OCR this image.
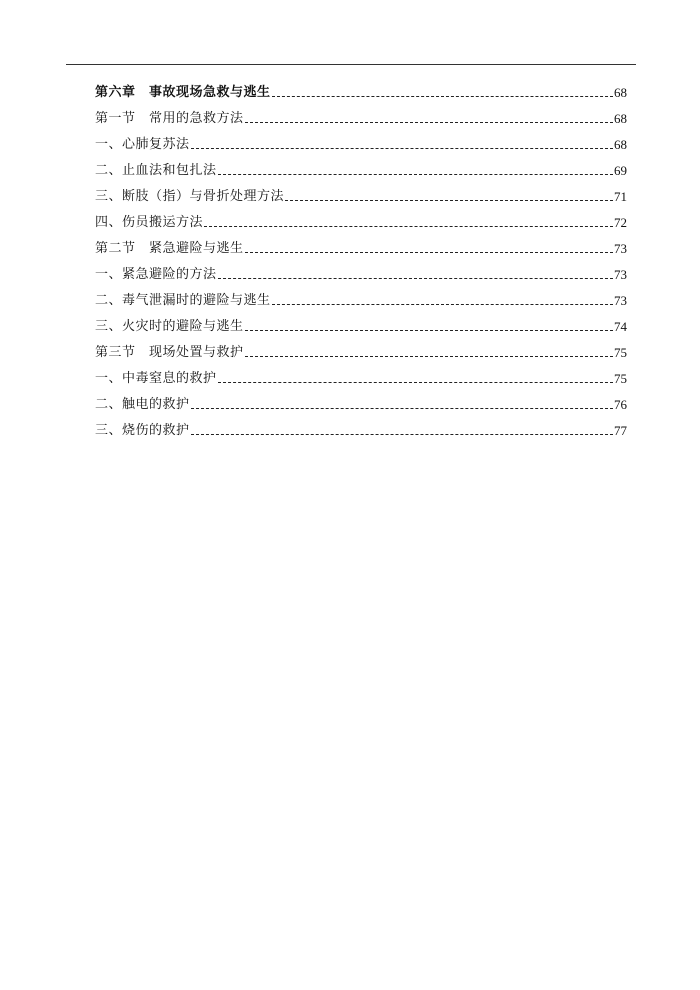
第六章　事故现场急救与逃生	68
第一节　常用的急救方法	68
一、心肺复苏法	68
二、止血法和包扎法	69
三、断肢（指）与骨折处理方法	71
四、伤员搬运方法	72
第二节　紧急避险与逃生	73
一、紧急避险的方法	73
二、毒气泄漏时的避险与逃生	73
三、火灾时的避险与逃生	74
第三节　现场处置与救护	75
一、中毒窒息的救护	75
二、触电的救护	76
三、烧伤的救护	77
